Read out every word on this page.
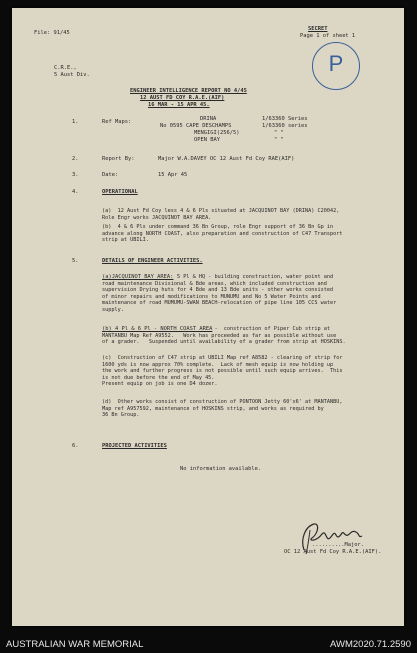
File: 91/45
SECRET
Page 1 of sheet 1
P
C.R.E.,
5 Aust Div.
ENGINEER INTELLIGENCE REPORT NO 4/45
12 AUST FD COY R.A.E.(AIF)
16 MAR - 15 APR 45.
1.	Ref Maps:	DRINA	1/63360 Series
No 0595 CAPE DESCHAMPS	1/63360 series
MENGIGI(256/5)	" "
OPEN BAY	" "
2.	Report By:	Major W.A.DAVEY OC 12 Aust Fd Coy RAE(AIF)
3.	Date:	15 Apr 45
4.	OPERATIONAL
(a)  12 Aust Fd Coy less 4 & 6 Pls situated at JACQUINOT BAY (DRINA) C20042,
Role Engr works JACQUINOT BAY AREA.
(b)  4 & 6 Pls under command 36 Bn Group, role Engr support of 36 Bn Gp in
advance along NORTH COAST, also preparation and construction of C47 Transport
strip at UBILI.
5.	DETAILS OF ENGINEER ACTIVITIES.
(a)JACQUINOT BAY AREA: 5 Pl & HQ - building construction, water point and
road maintenance Divisional & Bde areas, which included construction and
supervision Drying huts for 4 Bde and 13 Bde units - other works consisted
of minor repairs and modifications to MUNUMU and No 5 Water Points and
maintenance of road MUMUMU-SWAN BEACH-relocation of pipe line 105 CCS water
supply.
(b) 4 Pl & 6 Pl - NORTH COAST AREA -  construction of Piper Cub strip at
MANTANBU Map Ref A9552.   Work has proceeded as far as possible without use
of a grader.   Suspended until availability of a grader from strip at HOSKINS.
(c)  Construction of C47 strip at UBILI Map ref A8582 - clearing of strip for
1600 yds is now approx 70% complete.  Lack of mesh equip is now holding up
the work and further progress is not possible until such equip arrives.  This
is not due before the end of May 45.
Present equip on job is one D4 dozer.
(d)  Other works consist of construction of PONTOON Jetty 60'x6' at MANTANBU,
Map ref A957592, maintenance of HOSKINS strip, and works as required by
36 Bn Group.
6.	PROJECTED ACTIVITIES
No information available.
..........Major.
OC 12 Aust Fd Coy R.A.E.(AIF).
AUSTRALIAN WAR MEMORIAL	AWM2020.71.2590
